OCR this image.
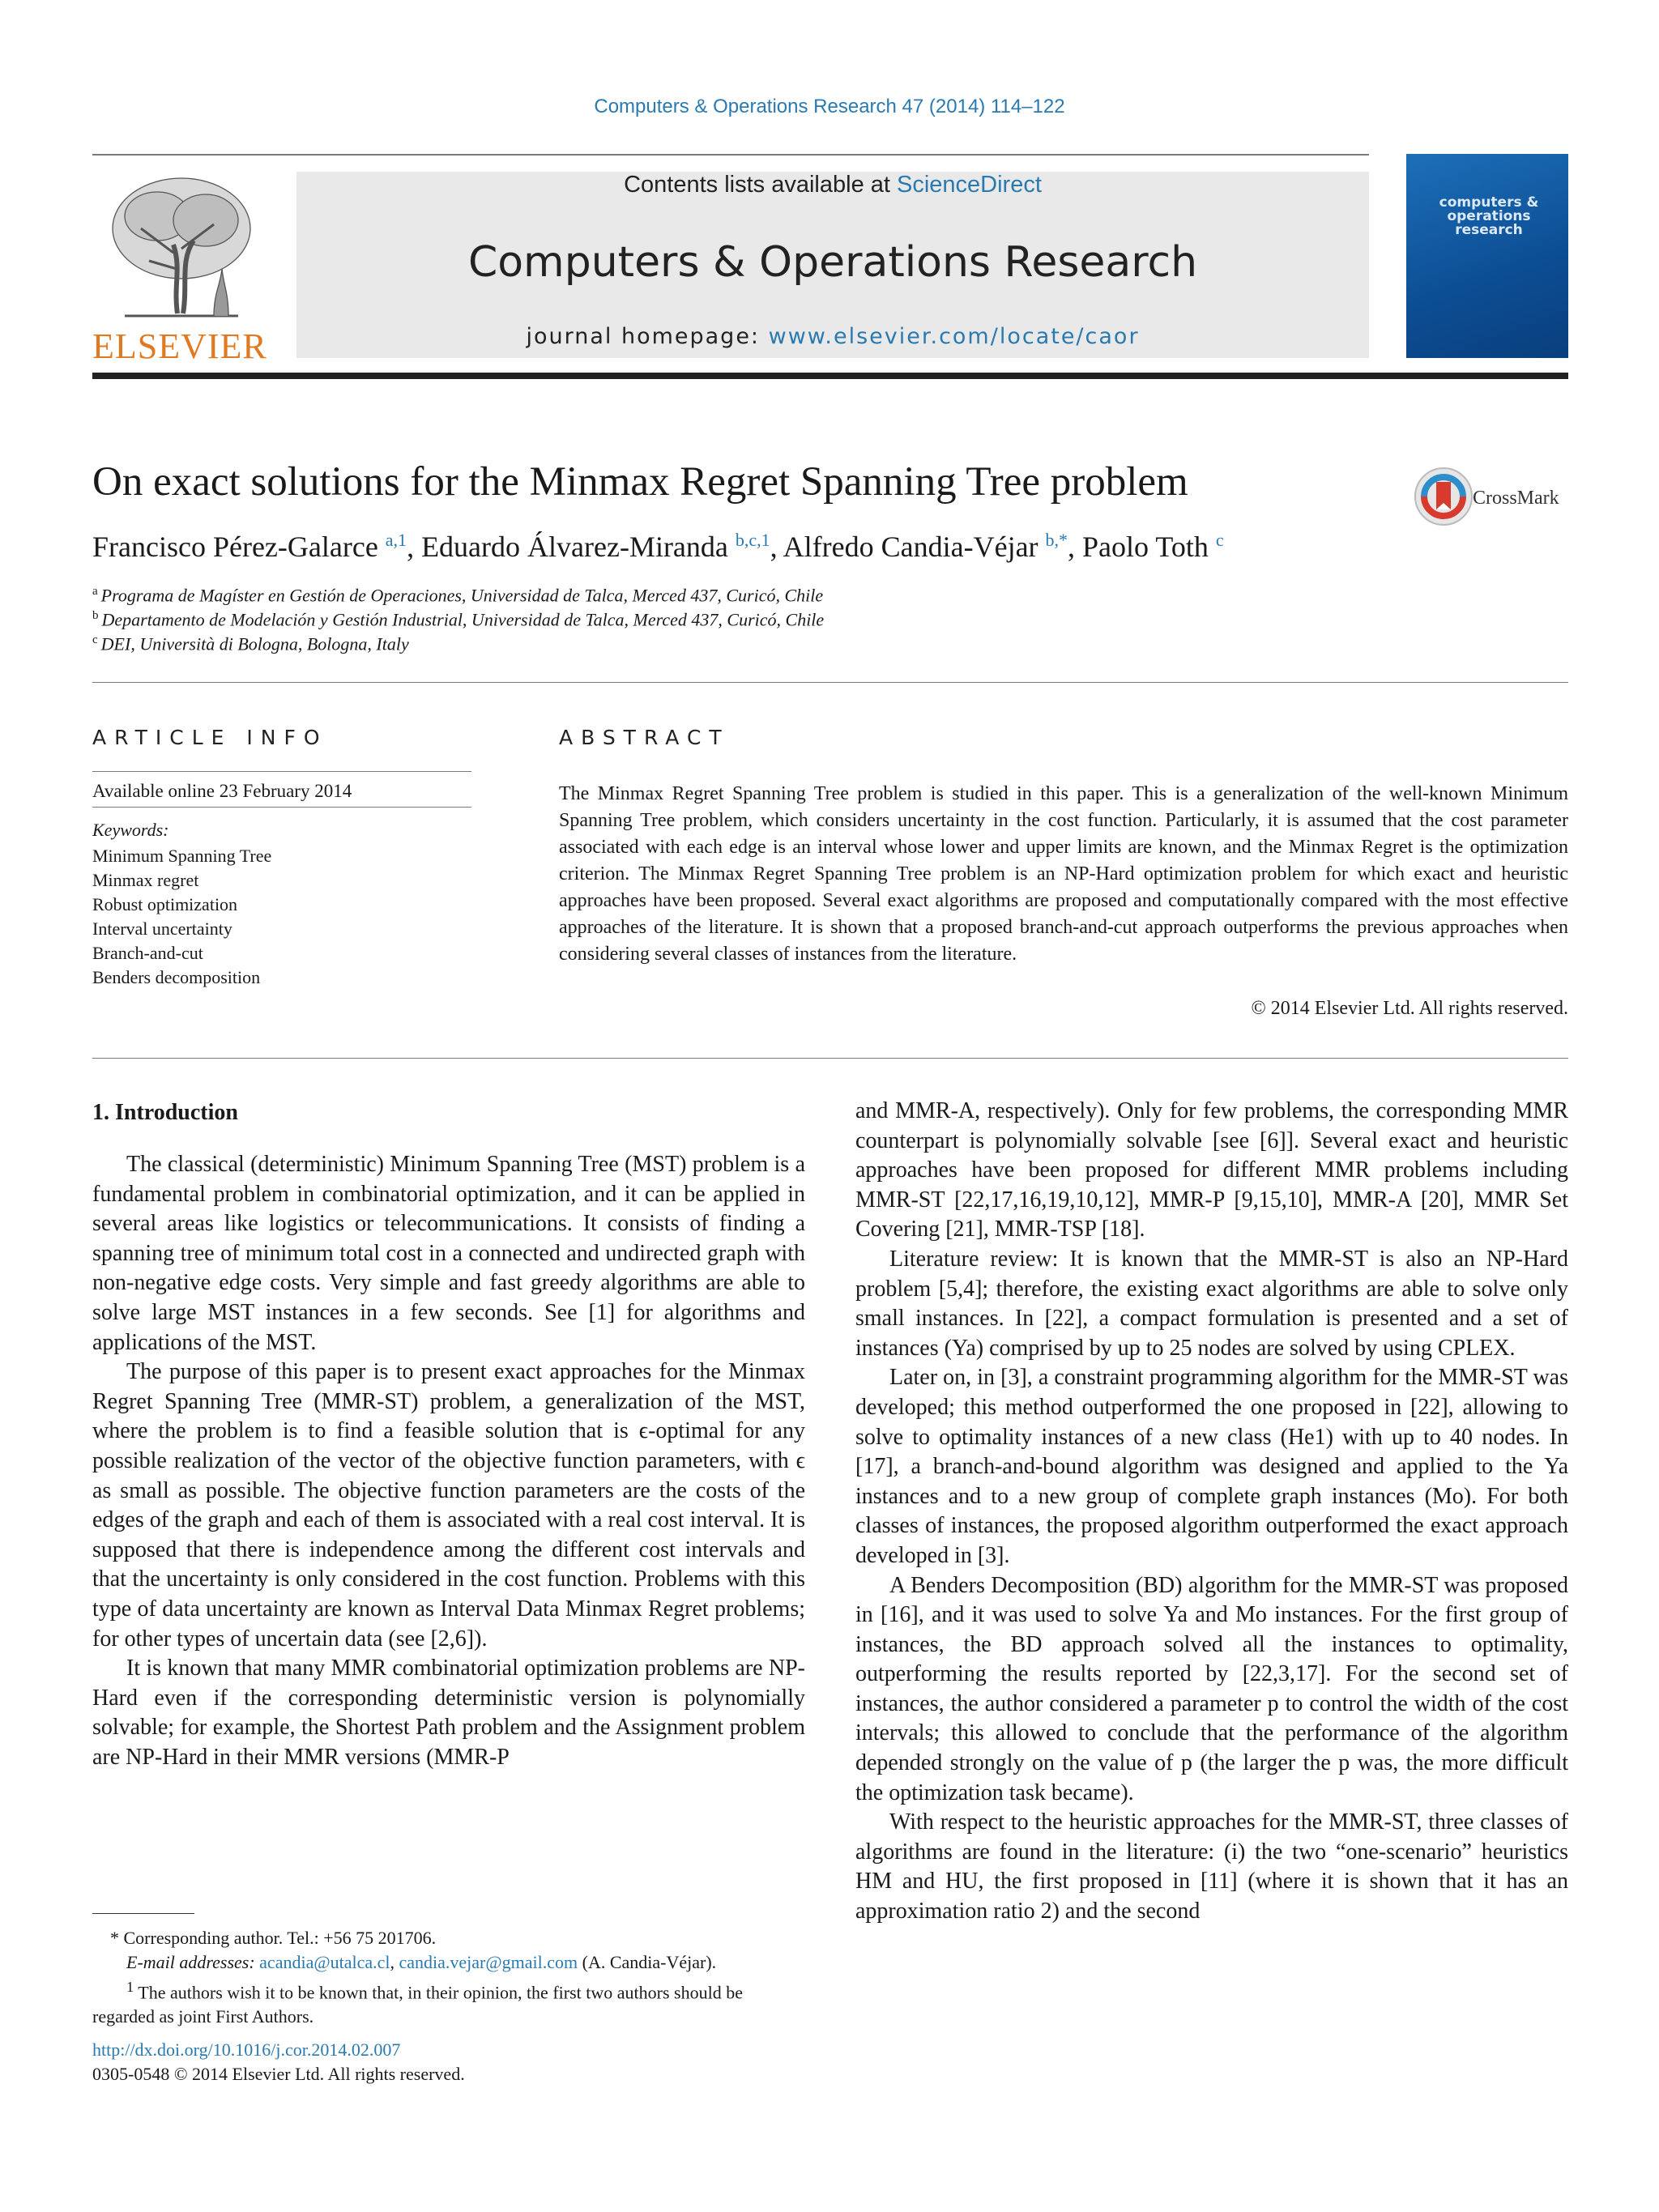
Computers & Operations Research 47 (2014) 114–122
ELSEVIER
Contents lists available at ScienceDirect
Computers & Operations Research
journal homepage: www.elsevier.com/locate/caor
computers & operations research
On exact solutions for the Minmax Regret Spanning Tree problem	CrossMark
Francisco Pérez-Galarce $^{a,1}$, Eduardo Álvarez-Miranda $^{b,c,1}$, Alfredo Candia-Véjar $^{b,*}$, Paolo Toth $^c$
$^a$ Programa de Magíster en Gestión de Operaciones, Universidad de Talca, Merced 437, Curicó, Chile
$^b$ Departamento de Modelación y Gestión Industrial, Universidad de Talca, Merced 437, Curicó, Chile
$^c$ DEI, Università di Bologna, Bologna, Italy
ARTICLE INFO
Available online 23 February 2014
Keywords:
Minimum Spanning Tree
Minmax regret
Robust optimization
Interval uncertainty
Branch-and-cut
Benders decomposition
ABSTRACT

The Minmax Regret Spanning Tree problem is studied in this paper. This is a generalization of the well-known Minimum Spanning Tree problem, which considers uncertainty in the cost function. Particularly, it is assumed that the cost parameter associated with each edge is an interval whose lower and upper limits are known, and the Minmax Regret is the optimization criterion. The Minmax Regret Spanning Tree problem is an NP-Hard optimization problem for which exact and heuristic approaches have been proposed. Several exact algorithms are proposed and computationally compared with the most effective approaches of the literature. It is shown that a proposed branch-and-cut approach outperforms the previous approaches when considering several classes of instances from the literature.

© 2014 Elsevier Ltd. All rights reserved.
1. Introduction

The classical (deterministic) Minimum Spanning Tree (MST) problem is a fundamental problem in combinatorial optimization, and it can be applied in several areas like logistics or telecommunications. It consists of finding a spanning tree of minimum total cost in a connected and undirected graph with non-negative edge costs. Very simple and fast greedy algorithms are able to solve large MST instances in a few seconds. See [1] for algorithms and applications of the MST.

The purpose of this paper is to present exact approaches for the Minmax Regret Spanning Tree (MMR-ST) problem, a generalization of the MST, where the problem is to find a feasible solution that is ϵ-optimal for any possible realization of the vector of the objective function parameters, with ϵ as small as possible. The objective function parameters are the costs of the edges of the graph and each of them is associated with a real cost interval. It is supposed that there is independence among the different cost intervals and that the uncertainty is only considered in the cost function. Problems with this type of data uncertainty are known as Interval Data Minmax Regret problems; for other types of uncertain data (see [2,6]).

It is known that many MMR combinatorial optimization problems are NP-Hard even if the corresponding deterministic version is polynomially solvable; for example, the Shortest Path problem and the Assignment problem are NP-Hard in their MMR versions (MMR-P

and MMR-A, respectively). Only for few problems, the corresponding MMR counterpart is polynomially solvable [see [6]]. Several exact and heuristic approaches have been proposed for different MMR problems including MMR-ST [22,17,16,19,10,12], MMR-P [9,15,10], MMR-A [20], MMR Set Covering [21], MMR-TSP [18].

Literature review: It is known that the MMR-ST is also an NP-Hard problem [5,4]; therefore, the existing exact algorithms are able to solve only small instances. In [22], a compact formulation is presented and a set of instances (Ya) comprised by up to 25 nodes are solved by using CPLEX.

Later on, in [3], a constraint programming algorithm for the MMR-ST was developed; this method outperformed the one proposed in [22], allowing to solve to optimality instances of a new class (He1) with up to 40 nodes. In [17], a branch-and-bound algorithm was designed and applied to the Ya instances and to a new group of complete graph instances (Mo). For both classes of instances, the proposed algorithm outperformed the exact approach developed in [3].

A Benders Decomposition (BD) algorithm for the MMR-ST was proposed in [16], and it was used to solve Ya and Mo instances. For the first group of instances, the BD approach solved all the instances to optimality, outperforming the results reported by [22,3,17]. For the second set of instances, the author considered a parameter p to control the width of the cost intervals; this allowed to conclude that the performance of the algorithm depended strongly on the value of p (the larger the p was, the more difficult the optimization task became).

With respect to the heuristic approaches for the MMR-ST, three classes of algorithms are found in the literature: (i) the two “one-scenario” heuristics HM and HU, the first proposed in [11] (where it is shown that it has an approximation ratio 2) and the second

* Corresponding author. Tel.: +56 75 201706.

E-mail addresses: acandia@utalca.cl, candia.vejar@gmail.com (A. Candia-Véjar).

$^1$ The authors wish it to be known that, in their opinion, the first two authors should be regarded as joint First Authors.

http://dx.doi.org/10.1016/j.cor.2014.02.007
0305-0548 © 2014 Elsevier Ltd. All rights reserved.
